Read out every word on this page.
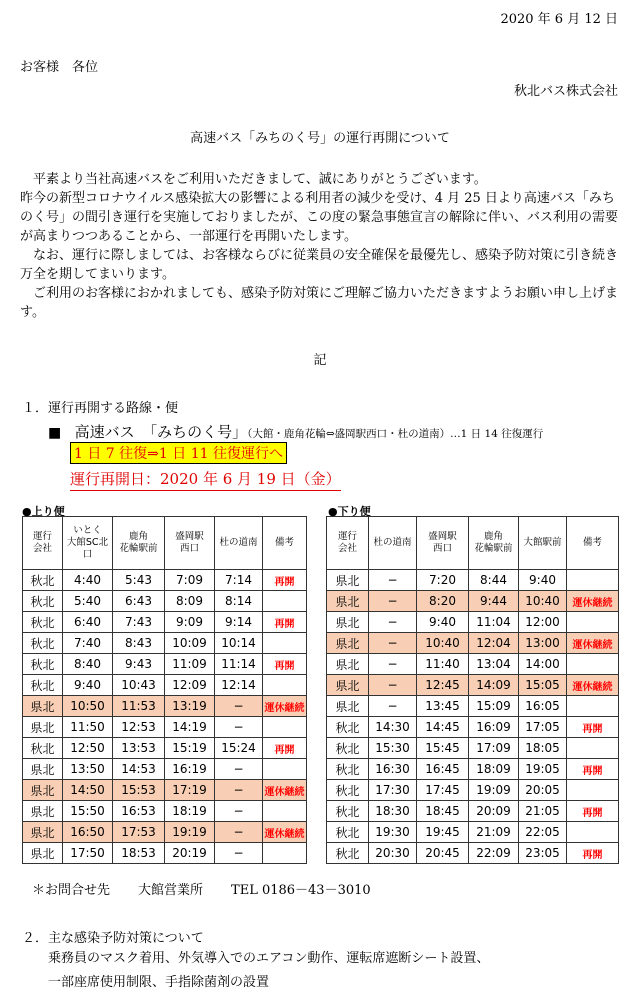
2020 年 6 月 12 日
お客様　各位
秋北バス株式会社
高速バス「みちのく号」の運行再開について

　平素より当社高速バスをご利用いただきまして、誠にありがとうございます。

昨今の新型コロナウイルス感染拡大の影響による利用者の減少を受け、4 月 25 日より高速バス「みちのく号」の間引き運行を実施しておりましたが、この度の緊急事態宣言の解除に伴い、バス利用の需要が高まりつつあることから、一部運行を再開いたします。

　なお、運行に際しましては、お客様ならびに従業員の安全確保を最優先し、感染予防対策に引き続き万全を期してまいります。

　ご利用のお客様におかれましても、感染予防対策にご理解ご協力いただきますようお願い申し上げます。

記
１．運行再開する路線・便
■ 高速バス　「みちのく号」（大館・鹿角花輪⇔盛岡駅西口・杜の道南）…1 日 14 往復運行
1 日 7 往復⇒1 日 11 往復運行へ
運行再開日：2020 年 6 月 19 日（金）
●上り便
運行
会社	いとく
大館SC北口	鹿角
花輪駅前	盛岡駅
西口	杜の道南	備考
秋北	4:40	5:43	7:09	7:14	再開
秋北	5:40	6:43	8:09	8:14	
秋北	6:40	7:43	9:09	9:14	再開
秋北	7:40	8:43	10:09	10:14	
秋北	8:40	9:43	11:09	11:14	再開
秋北	9:40	10:43	12:09	12:14	
県北	10:50	11:53	13:19	−	運休継続
県北	11:50	12:53	14:19	−	
秋北	12:50	13:53	15:19	15:24	再開
県北	13:50	14:53	16:19	−	
県北	14:50	15:53	17:19	−	運休継続
県北	15:50	16:53	18:19	−	
県北	16:50	17:53	19:19	−	運休継続
県北	17:50	18:53	20:19	−	
●下り便
運行
会社	杜の道南	盛岡駅
西口	鹿角
花輪駅前	大館駅前	備考
県北	−	7:20	8:44	9:40	
県北	−	8:20	9:44	10:40	運休継続
県北	−	9:40	11:04	12:00	
県北	−	10:40	12:04	13:00	運休継続
県北	−	11:40	13:04	14:00	
県北	−	12:45	14:09	15:05	運休継続
県北	−	13:45	15:09	16:05	
秋北	14:30	14:45	16:09	17:05	再開
秋北	15:30	15:45	17:09	18:05	
秋北	16:30	16:45	18:09	19:05	再開
秋北	17:30	17:45	19:09	20:05	
秋北	18:30	18:45	20:09	21:05	再開
秋北	19:30	19:45	21:09	22:05	
秋北	20:30	20:45	22:09	23:05	再開
＊お問合せ先 大館営業所 TEL 0186－43－3010
２．主な感染予防対策について
乗務員のマスク着用、外気導入でのエアコン動作、運転席遮断シート設置、
一部座席使用制限、手指除菌剤の設置
